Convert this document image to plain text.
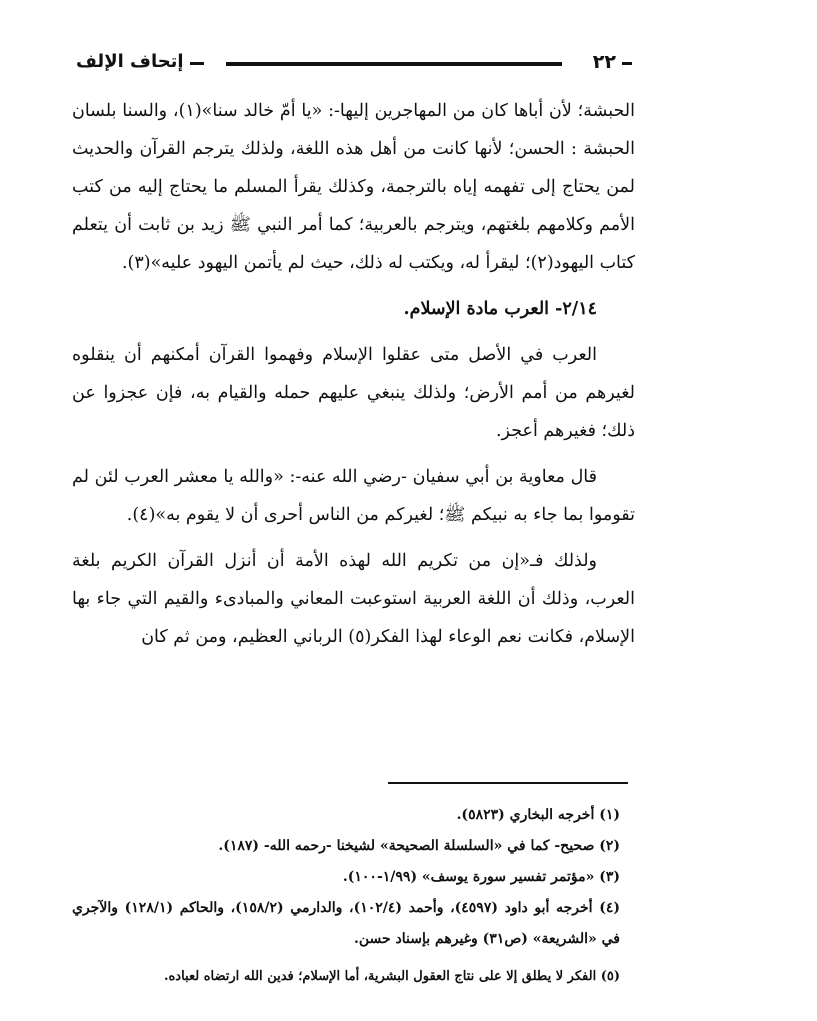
إتحاف الإلف	٢٢

الحبشة؛ لأن أباها كان من المهاجرين إليها-: «يا أمّ خالد سنا»(١)، والسنا بلسان الحبشة : الحسن؛ لأنها كانت من أهل هذه اللغة، ولذلك يترجم القرآن والحديث لمن يحتاج إلى تفهمه إياه بالترجمة، وكذلك يقرأ المسلم ما يحتاج إليه من كتب الأمم وكلامهم بلغتهم، ويترجم بالعربية؛ كما أمر النبي ﷺ زيد بن ثابت أن يتعلم كتاب اليهود(٢)؛ ليقرأ له، ويكتب له ذلك، حيث لم يأتمن اليهود عليه»(٣).

٢/١٤- العرب مادة الإسلام.

العرب في الأصل متى عقلوا الإسلام وفهموا القرآن أمكنهم أن ينقلوه لغيرهم من أمم الأرض؛ ولذلك ينبغي عليهم حمله والقيام به، فإن عجزوا عن ذلك؛ فغيرهم أعجز.

قال معاوية بن أبي سفيان -رضي الله عنه-: «والله يا معشر العرب لئن لم تقوموا بما جاء به نبيكم ﷺ؛ لغيركم من الناس أحرى أن لا يقوم به»(٤).

ولذلك فـ«إن من تكريم الله لهذه الأمة أن أنزل القرآن الكريم بلغة العرب، وذلك أن اللغة العربية استوعبت المعاني والمبادىء والقيم التي جاء بها الإسلام، فكانت نعم الوعاء لهذا الفكر(٥) الرباني العظيم، ومن ثم كان

(١) أخرجه البخاري (٥٨٢٣).

(٢) صحيح- كما في «السلسلة الصحيحة» لشيخنا -رحمه الله- (١٨٧).

(٣) «مؤتمر تفسير سورة يوسف» (١/٩٩-١٠٠).

(٤) أخرجه أبو داود (٤٥٩٧)، وأحمد (١٠٢/٤)، والدارمي (١٥٨/٢)، والحاكم (١٢٨/١) والآجري في «الشريعة» (ص٣١) وغيرهم بإسناد حسن.

(٥) الفكر لا يطلق إلا على نتاج العقول البشرية، أما الإسلام؛ فدين الله ارتضاه لعباده.
